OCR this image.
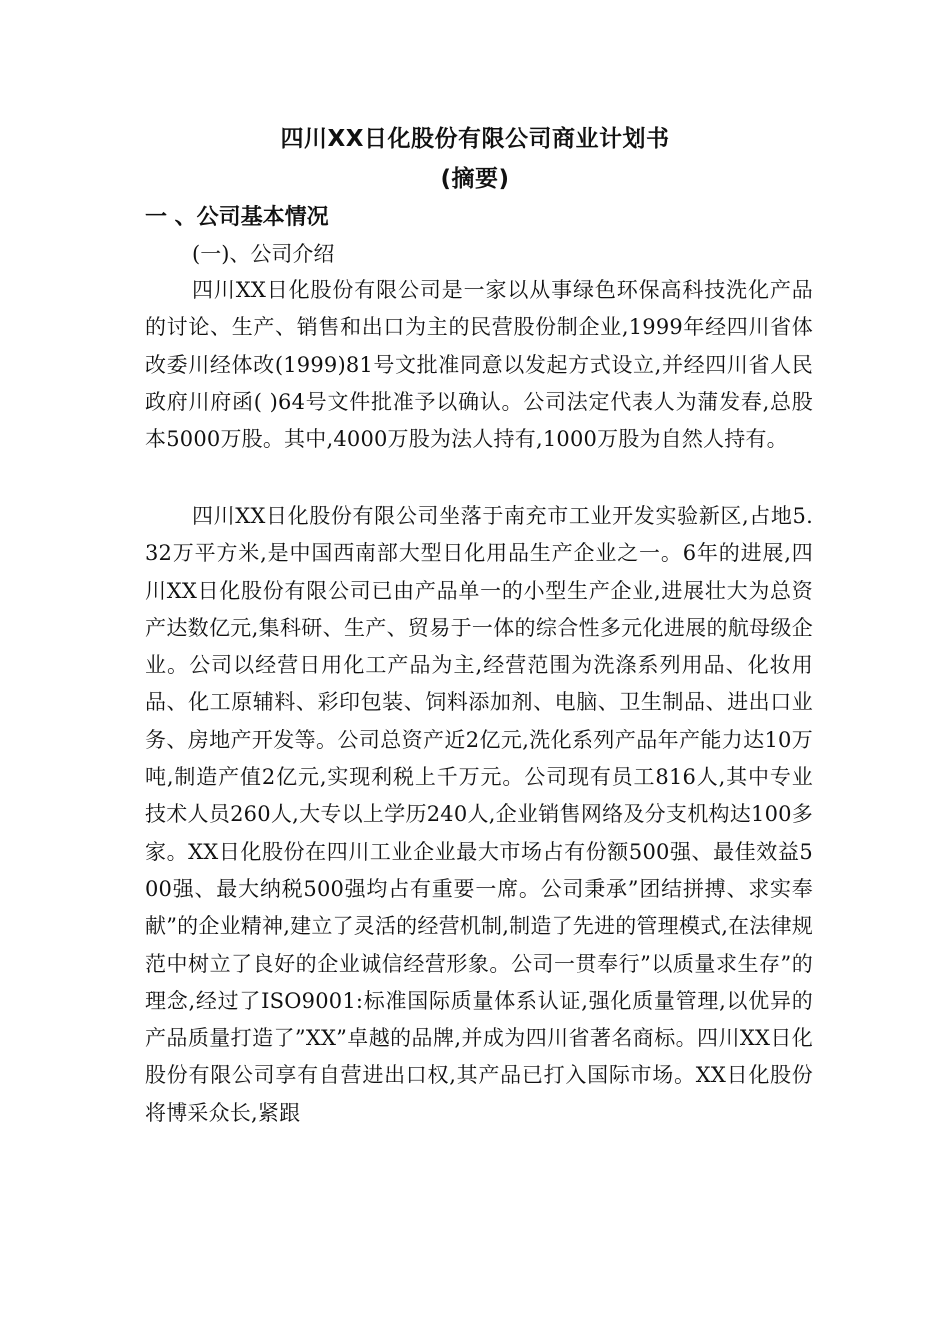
四川XX日化股份有限公司商业计划书
(摘要)
一 、公司基本情况
(一)、公司介绍

四川XX日化股份有限公司是一家以从事绿色环保高科技洗化产品的讨论、生产、销售和出口为主的民营股份制企业,1999年经四川省体改委川经体改(1999)81号文批准同意以发起方式设立,并经四川省人民政府川府函( )64号文件批准予以确认。公司法定代表人为蒲发春,总股本5000万股。其中,4000万股为法人持有,1000万股为自然人持有。

四川XX日化股份有限公司坐落于南充市工业开发实验新区,占地5.32万平方米,是中国西南部大型日化用品生产企业之一。6年的进展,四川XX日化股份有限公司已由产品单一的小型生产企业,进展壮大为总资产达数亿元,集科研、生产、贸易于一体的综合性多元化进展的航母级企业。公司以经营日用化工产品为主,经营范围为洗涤系列用品、化妆用品、化工原辅料、彩印包装、饲料添加剂、电脑、卫生制品、进出口业务、房地产开发等。公司总资产近2亿元,洗化系列产品年产能力达10万吨,制造产值2亿元,实现利税上千万元。公司现有员工816人,其中专业技术人员260人,大专以上学历240人,企业销售网络及分支机构达100多家。XX日化股份在四川工业企业最大市场占有份额500强、最佳效益500强、最大纳税500强均占有重要一席。公司秉承”团结拼搏、求实奉献”的企业精神,建立了灵活的经营机制,制造了先进的管理模式,在法律规范中树立了良好的企业诚信经营形象。公司一贯奉行”以质量求生存”的理念,经过了ISO9001:标准国际质量体系认证,强化质量管理,以优异的产品质量打造了”XX”卓越的品牌,并成为四川省著名商标。四川XX日化股份有限公司享有自营进出口权,其产品已打入国际市场。XX日化股份将博采众长,紧跟
